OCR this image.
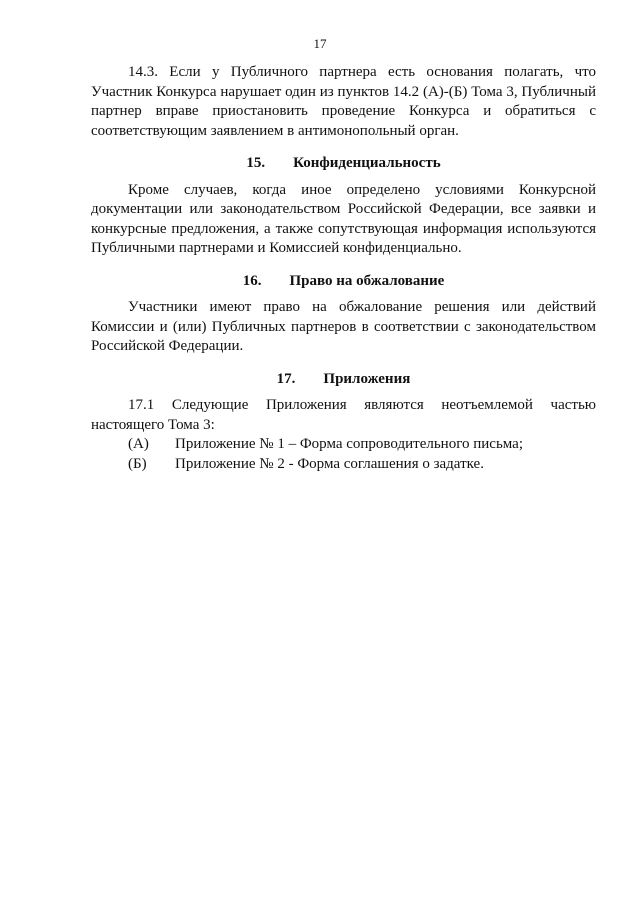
17

14.3. Если у Публичного партнера есть основания полагать, что Участник Конкурса нарушает один из пунктов 14.2 (А)-(Б) Тома 3, Публичный партнер вправе приостановить проведение Конкурса и обратиться с соответствующим заявлением в антимонопольный орган.

15. Конфиденциальность

Кроме случаев, когда иное определено условиями Конкурсной документации или законодательством Российской Федерации, все заявки и конкурсные предложения, а также сопутствующая информация используются Публичными партнерами и Комиссией конфиденциально.

16. Право на обжалование

Участники имеют право на обжалование решения или действий Комиссии и (или) Публичных партнеров в соответствии с законодательством Российской Федерации.

17. Приложения

17.1 Следующие Приложения являются неотъемлемой частью настоящего Тома 3:

(А)	Приложение № 1 – Форма сопроводительного письма;
(Б)	Приложение № 2 - Форма соглашения о задатке.
